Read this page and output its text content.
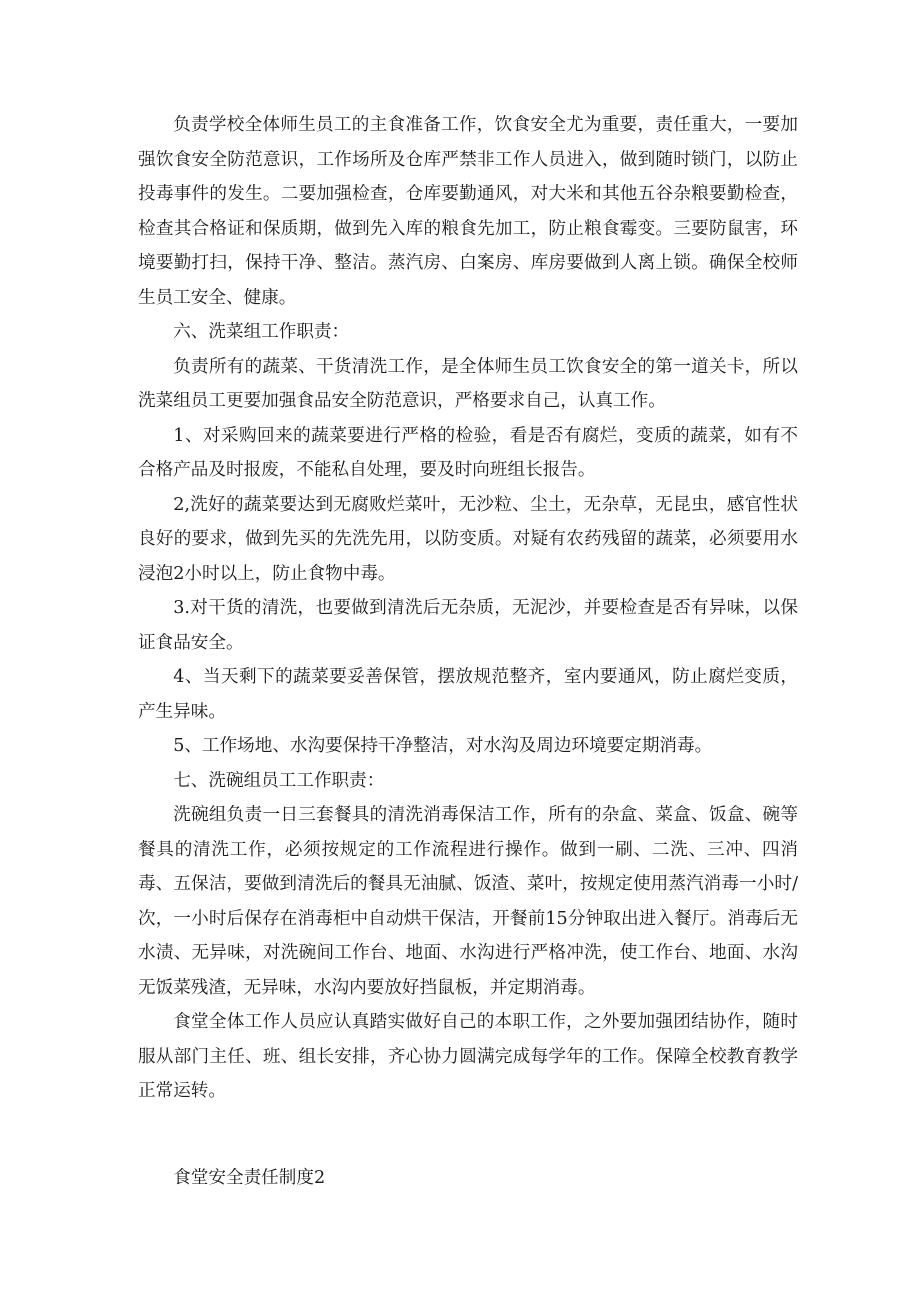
负责学校全体师生员工的主食准备工作，饮食安全尤为重要，责任重大，一要加强饮食安全防范意识，工作场所及仓库严禁非工作人员进入，做到随时锁门，以防止投毒事件的发生。二要加强检查，仓库要勤通风，对大米和其他五谷杂粮要勤检查，检查其合格证和保质期，做到先入库的粮食先加工，防止粮食霉变。三要防鼠害，环境要勤打扫，保持干净、整洁。蒸汽房、白案房、库房要做到人离上锁。确保全校师生员工安全、健康。

六、洗菜组工作职责：

负责所有的蔬菜、干货清洗工作，是全体师生员工饮食安全的第一道关卡，所以洗菜组员工更要加强食品安全防范意识，严格要求自己，认真工作。

1、对采购回来的蔬菜要进行严格的检验，看是否有腐烂，变质的蔬菜，如有不合格产品及时报废，不能私自处理，要及时向班组长报告。

2,洗好的蔬菜要达到无腐败烂菜叶，无沙粒、尘土，无杂草，无昆虫，感官性状良好的要求，做到先买的先洗先用，以防变质。对疑有农药残留的蔬菜，必须要用水浸泡2小时以上，防止食物中毒。

3.对干货的清洗，也要做到清洗后无杂质，无泥沙，并要检查是否有异味，以保证食品安全。

4、当天剩下的蔬菜要妥善保管，摆放规范整齐，室内要通风，防止腐烂变质，产生异味。

5、工作场地、水沟要保持干净整洁，对水沟及周边环境要定期消毒。

七、洗碗组员工工作职责：

洗碗组负责一日三套餐具的清洗消毒保洁工作，所有的杂盒、菜盒、饭盒、碗等餐具的清洗工作，必须按规定的工作流程进行操作。做到一刷、二洗、三冲、四消毒、五保洁，要做到清洗后的餐具无油腻、饭渣、菜叶，按规定使用蒸汽消毒一小时/次，一小时后保存在消毒柜中自动烘干保洁，开餐前15分钟取出进入餐厅。消毒后无水渍、无异味，对洗碗间工作台、地面、水沟进行严格冲洗，使工作台、地面、水沟无饭菜残渣，无异味，水沟内要放好挡鼠板，并定期消毒。

食堂全体工作人员应认真踏实做好自己的本职工作，之外要加强团结协作，随时服从部门主任、班、组长安排，齐心协力圆满完成每学年的工作。保障全校教育教学正常运转。

食堂安全责任制度2
